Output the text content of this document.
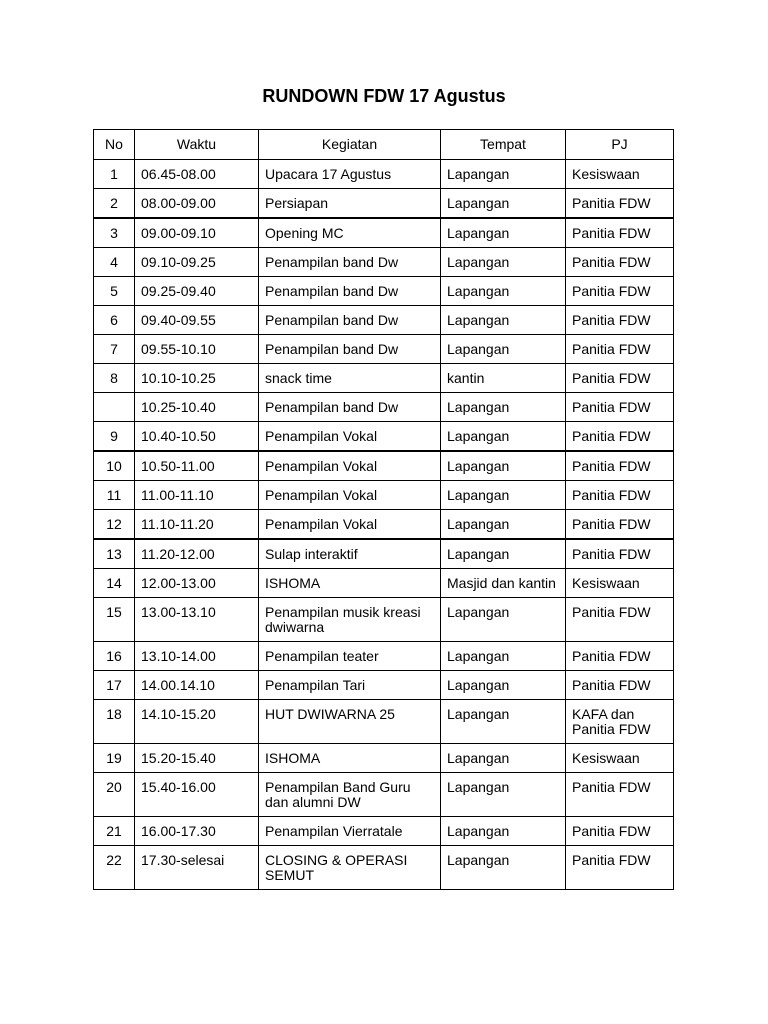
RUNDOWN FDW 17 Agustus
No	Waktu	Kegiatan	Tempat	PJ
1	06.45-08.00	Upacara 17 Agustus	Lapangan	Kesiswaan
2	08.00-09.00	Persiapan	Lapangan	Panitia FDW
3	09.00-09.10	Opening MC	Lapangan	Panitia FDW
4	09.10-09.25	Penampilan band Dw	Lapangan	Panitia FDW
5	09.25-09.40	Penampilan band Dw	Lapangan	Panitia FDW
6	09.40-09.55	Penampilan band Dw	Lapangan	Panitia FDW
7	09.55-10.10	Penampilan band Dw	Lapangan	Panitia FDW
8	10.10-10.25	snack time	kantin	Panitia FDW
	10.25-10.40	Penampilan band Dw	Lapangan	Panitia FDW
9	10.40-10.50	Penampilan Vokal	Lapangan	Panitia FDW
10	10.50-11.00	Penampilan Vokal	Lapangan	Panitia FDW
11	11.00-11.10	Penampilan Vokal	Lapangan	Panitia FDW
12	11.10-11.20	Penampilan Vokal	Lapangan	Panitia FDW
13	11.20-12.00	Sulap interaktif	Lapangan	Panitia FDW
14	12.00-13.00	ISHOMA	Masjid dan kantin	Kesiswaan
15	13.00-13.10	Penampilan musik kreasi dwiwarna	Lapangan	Panitia FDW
16	13.10-14.00	Penampilan teater	Lapangan	Panitia FDW
17	14.00.14.10	Penampilan Tari	Lapangan	Panitia FDW
18	14.10-15.20	HUT DWIWARNA 25	Lapangan	KAFA dan Panitia FDW
19	15.20-15.40	ISHOMA	Lapangan	Kesiswaan
20	15.40-16.00	Penampilan Band Guru dan alumni DW	Lapangan	Panitia FDW
21	16.00-17.30	Penampilan Vierratale	Lapangan	Panitia FDW
22	17.30-selesai	CLOSING & OPERASI SEMUT	Lapangan	Panitia FDW
